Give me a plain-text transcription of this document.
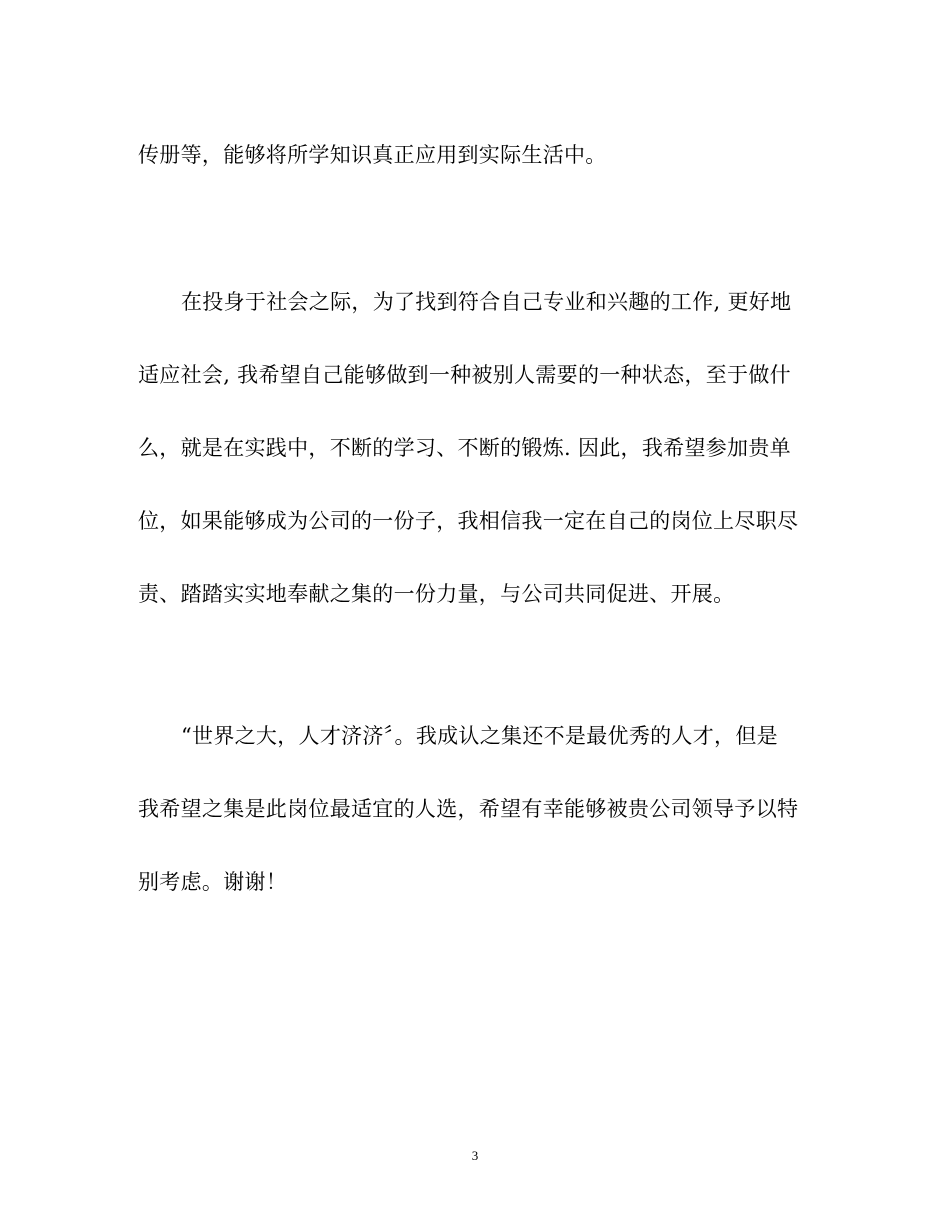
传册等，能够将所学知识真正应用到实际生活中。
在投身于社会之际，为了找到符合自己专业和兴趣的工作, 更好地
适应社会, 我希望自己能够做到一种被别人需要的一种状态，至于做什
么，就是在实践中，不断的学习、不断的锻炼. 因此，我希望参加贵单
位，如果能够成为公司的一份子，我相信我一定在自己的岗位上尽职尽
责、踏踏实实地奉献之集的一份力量，与公司共同促进、开展。
“世界之大，人才济济〞。我成认之集还不是最优秀的人才，但是
我希望之集是此岗位最适宜的人选，希望有幸能够被贵公司领导予以特
别考虑。谢谢！
3
